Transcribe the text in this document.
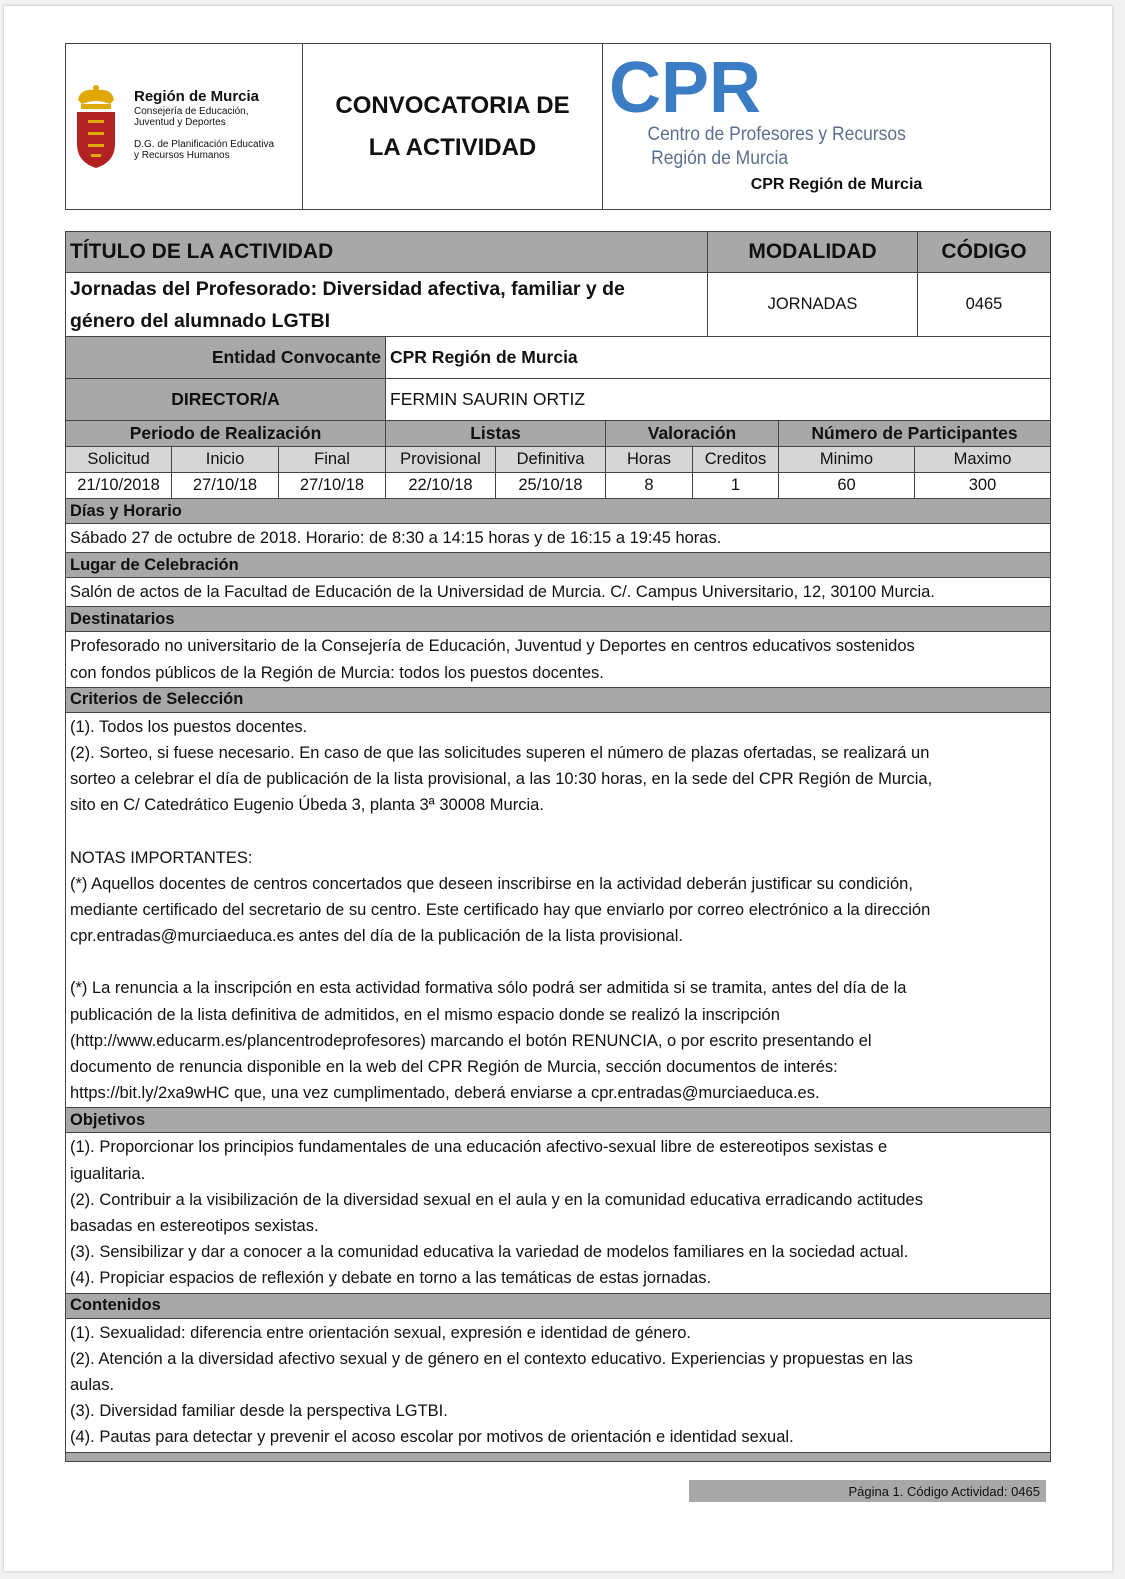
Región de Murcia
Consejería de Educación,
Juventud y Deportes
D.G. de Planificación Educativa
y Recursos Humanos
CONVOCATORIA DE
LA ACTIVIDAD
CPR
Centro de Profesores y Recursos
Región de Murcia
CPR Región de Murcia
TÍTULO DE LA ACTIVIDAD	MODALIDAD	CÓDIGO
Jornadas del Profesorado: Diversidad afectiva, familiar y de
género del alumnado LGTBI
JORNADAS	0465
Entidad Convocante CPR Región de Murcia
DIRECTOR/A	FERMIN SAURIN ORTIZ
Periodo de Realización	Listas	Valoración	Número de Participantes
Solicitud	Inicio	Final	Provisional	Definitiva	Horas	Creditos	Minimo	Maximo
21/10/2018	27/10/18	27/10/18	22/10/18	25/10/18	8	1	60	300
Días y Horario

Sábado 27 de octubre de 2018. Horario: de 8:30 a 14:15 horas y de 16:15 a 19:45 horas.

Lugar de Celebración

Salón de actos de la Facultad de Educación de la Universidad de Murcia. C/. Campus Universitario, 12, 30100 Murcia.

Destinatarios

Profesorado no universitario de la Consejería de Educación, Juventud y Deportes en centros educativos sostenidos

con fondos públicos de la Región de Murcia: todos los puestos docentes.

Criterios de Selección

(1). Todos los puestos docentes.

(2). Sorteo, si fuese necesario. En caso de que las solicitudes superen el número de plazas ofertadas, se realizará un

sorteo a celebrar el día de publicación de la lista provisional, a las 10:30 horas, en la sede del CPR Región de Murcia,

sito en C/ Catedrático Eugenio Úbeda 3, planta 3ª 30008 Murcia.

NOTAS IMPORTANTES:

(*) Aquellos docentes de centros concertados que deseen inscribirse en la actividad deberán justificar su condición,

mediante certificado del secretario de su centro. Este certificado hay que enviarlo por correo electrónico a la dirección

cpr.entradas@murciaeduca.es antes del día de la publicación de la lista provisional.

(*) La renuncia a la inscripción en esta actividad formativa sólo podrá ser admitida si se tramita, antes del día de la

publicación de la lista definitiva de admitidos, en el mismo espacio donde se realizó la inscripción

(http://www.educarm.es/plancentrodeprofesores) marcando el botón RENUNCIA, o por escrito presentando el

documento de renuncia disponible en la web del CPR Región de Murcia, sección documentos de interés:

https://bit.ly/2xa9wHC que, una vez cumplimentado, deberá enviarse a cpr.entradas@murciaeduca.es.

Objetivos

(1). Proporcionar los principios fundamentales de una educación afectivo-sexual libre de estereotipos sexistas e

igualitaria.

(2). Contribuir a la visibilización de la diversidad sexual en el aula y en la comunidad educativa erradicando actitudes

basadas en estereotipos sexistas.

(3). Sensibilizar y dar a conocer a la comunidad educativa la variedad de modelos familiares en la sociedad actual.

(4). Propiciar espacios de reflexión y debate en torno a las temáticas de estas jornadas.

Contenidos

(1). Sexualidad: diferencia entre orientación sexual, expresión e identidad de género.

(2). Atención a la diversidad afectivo sexual y de género en el contexto educativo. Experiencias y propuestas en las

aulas.

(3). Diversidad familiar desde la perspectiva LGTBI.

(4). Pautas para detectar y prevenir el acoso escolar por motivos de orientación e identidad sexual.

Página 1. Código Actividad: 0465
